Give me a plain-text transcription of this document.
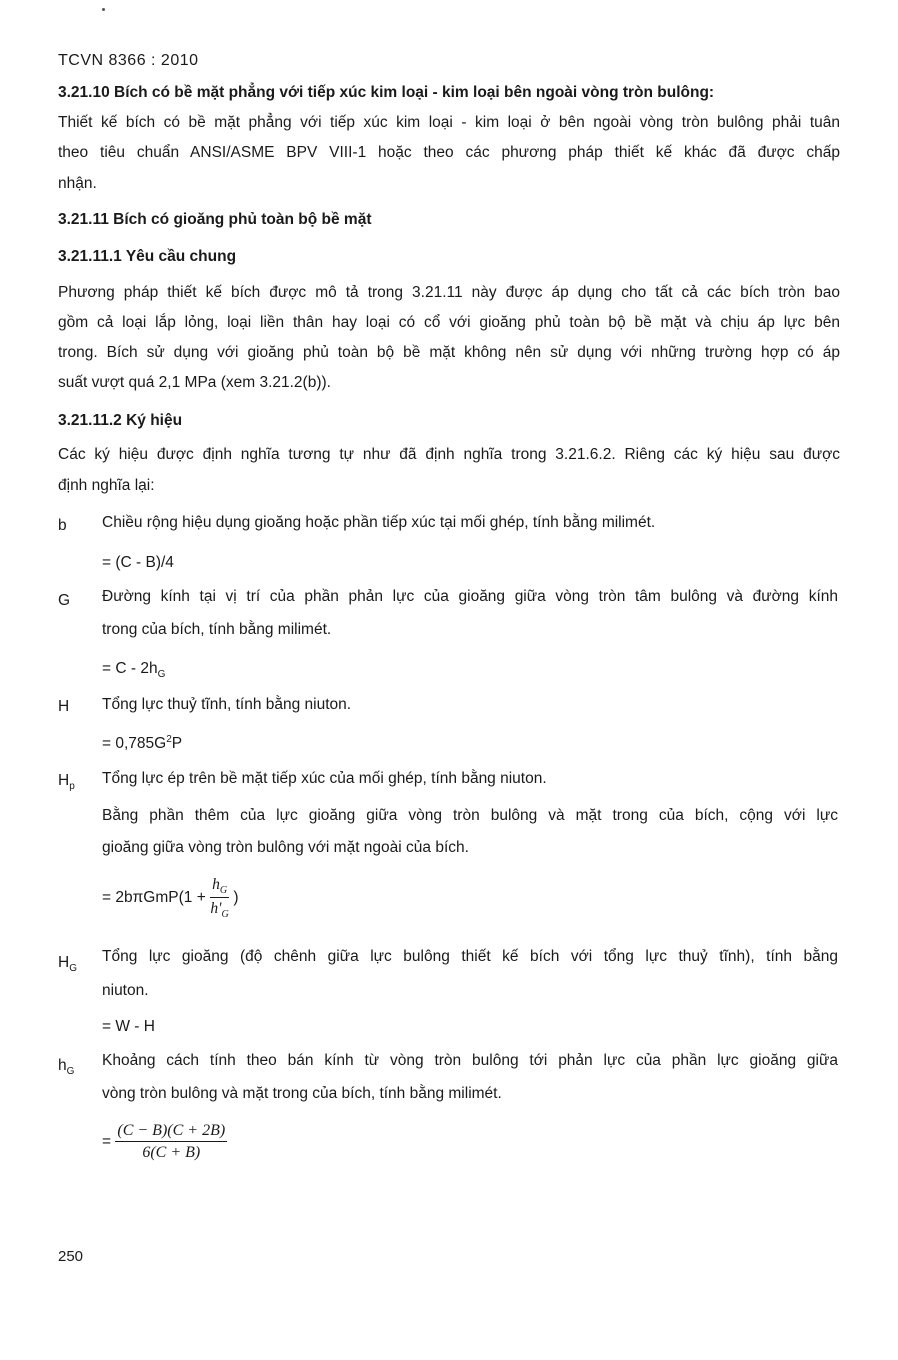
TCVN 8366 : 2010
3.21.10 Bích có bề mặt phẳng với tiếp xúc kim loại - kim loại bên ngoài vòng tròn bulông:
Thiết kế bích có bề mặt phẳng với tiếp xúc kim loại - kim loại ở bên ngoài vòng tròn bulông phải tuân
theo tiêu chuẩn ANSI/ASME BPV VIII-1 hoặc theo các phương pháp thiết kế khác đã được chấp
nhận.
3.21.11 Bích có gioăng phủ toàn bộ bề mặt
3.21.11.1 Yêu cầu chung
Phương pháp thiết kế bích được mô tả trong 3.21.11 này được áp dụng cho tất cả các bích tròn bao
gồm cả loại lắp lỏng, loại liền thân hay loại có cổ với gioăng phủ toàn bộ bề mặt và chịu áp lực bên
trong. Bích sử dụng với gioăng phủ toàn bộ bề mặt không nên sử dụng với những trường hợp có áp
suất vượt quá 2,1 MPa (xem 3.21.2(b)).
3.21.11.2 Ký hiệu
Các ký hiệu được định nghĩa tương tự như đã định nghĩa trong 3.21.6.2. Riêng các ký hiệu sau được
định nghĩa lại:
b Chiều rộng hiệu dụng gioăng hoặc phần tiếp xúc tại mối ghép, tính bằng milimét.
= (C - B)/4
G Đường kính tại vị trí của phần phản lực của gioăng giữa vòng tròn tâm bulông và đường kính
trong của bích, tính bằng milimét.
= C - $2h_G$
H Tổng lực thuỷ tĩnh, tính bằng niuton.
= $0,785G^2P$
$H_p$ Tổng lực ép trên bề mặt tiếp xúc của mối ghép, tính bằng niuton.
Bằng phần thêm của lực gioăng giữa vòng tròn bulông và mặt trong của bích, cộng với lực
gioăng giữa vòng tròn bulông với mặt ngoài của bích.
= $2b\pi GmP(1 + \frac{h_G}{h'_G}$ )
$H_G$
Tổng lực gioăng (độ chênh giữa lực bulông thiết kế bích với tổng lực thuỷ tĩnh), tính bằng
niuton.
= W - H
$h_G$
Khoảng cách tính theo bán kính từ vòng tròn bulông tới phản lực của phần lực gioăng giữa
vòng tròn bulông và mặt trong của bích, tính bằng milimét.
= $\frac{(C - B)(C + 2B)}{6(C + B)}$
250
